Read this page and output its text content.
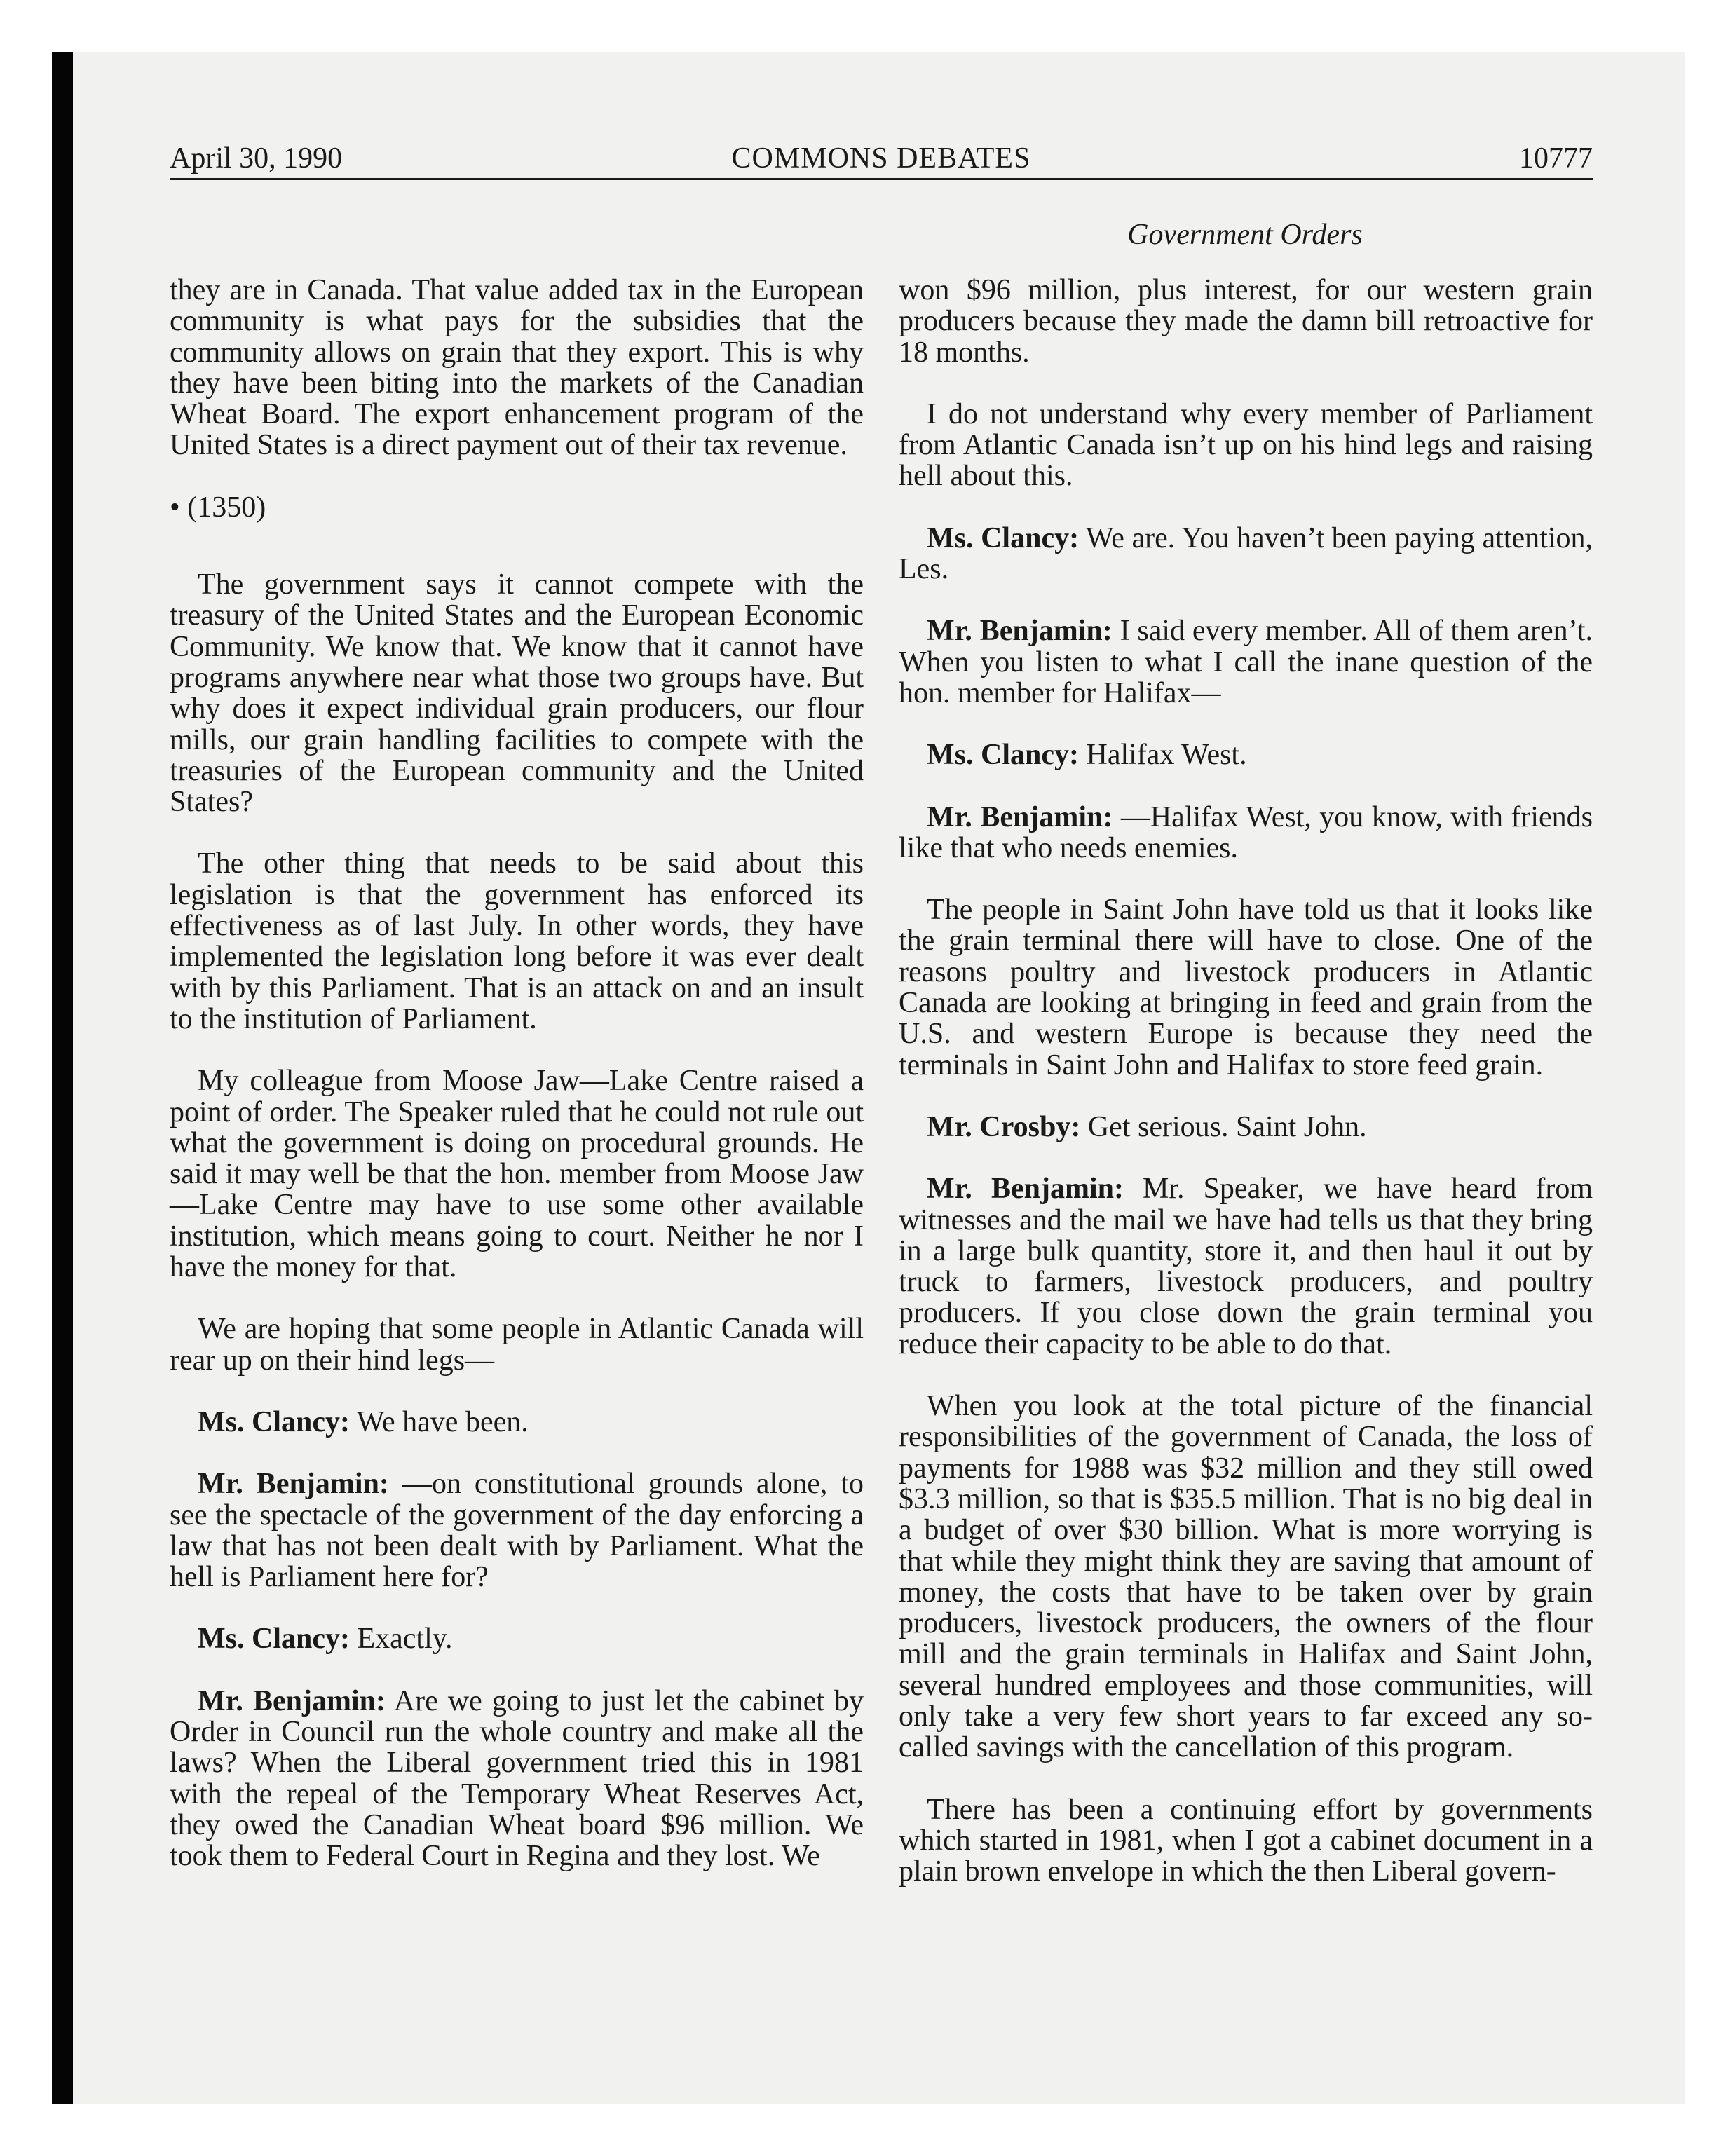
April 30, 1990	COMMONS DEBATES	10777
Government Orders

they are in Canada. That value added tax in the European community is what pays for the subsidies that the community allows on grain that they export. This is why they have been biting into the markets of the Canadian Wheat Board. The export enhancement program of the United States is a direct payment out of their tax revenue.

• (1350)

The government says it cannot compete with the treasury of the United States and the European Economic Community. We know that. We know that it cannot have programs anywhere near what those two groups have. But why does it expect individual grain producers, our flour mills, our grain handling facilities to compete with the treasuries of the European community and the United States?

The other thing that needs to be said about this legislation is that the government has enforced its effectiveness as of last July. In other words, they have implemented the legislation long before it was ever dealt with by this Parliament. That is an attack on and an insult to the institution of Parliament.

My colleague from Moose Jaw—Lake Centre raised a point of order. The Speaker ruled that he could not rule out what the government is doing on procedural grounds. He said it may well be that the hon. member from Moose Jaw—Lake Centre may have to use some other available institution, which means going to court. Neither he nor I have the money for that.

We are hoping that some people in Atlantic Canada will rear up on their hind legs—

Ms. Clancy: We have been.

Mr. Benjamin: —on constitutional grounds alone, to see the spectacle of the government of the day enforcing a law that has not been dealt with by Parliament. What the hell is Parliament here for?

Ms. Clancy: Exactly.

Mr. Benjamin: Are we going to just let the cabinet by Order in Council run the whole country and make all the laws? When the Liberal government tried this in 1981 with the repeal of the Temporary Wheat Reserves Act, they owed the Canadian Wheat board $96 million. We took them to Federal Court in Regina and they lost. We

won $96 million, plus interest, for our western grain producers because they made the damn bill retroactive for 18 months.

I do not understand why every member of Parliament from Atlantic Canada isn’t up on his hind legs and raising hell about this.

Ms. Clancy: We are. You haven’t been paying attention, Les.

Mr. Benjamin: I said every member. All of them aren’t. When you listen to what I call the inane question of the hon. member for Halifax—

Ms. Clancy: Halifax West.

Mr. Benjamin: —Halifax West, you know, with friends like that who needs enemies.

The people in Saint John have told us that it looks like the grain terminal there will have to close. One of the reasons poultry and livestock producers in Atlantic Canada are looking at bringing in feed and grain from the U.S. and western Europe is because they need the terminals in Saint John and Halifax to store feed grain.

Mr. Crosby: Get serious. Saint John.

Mr. Benjamin: Mr. Speaker, we have heard from witnesses and the mail we have had tells us that they bring in a large bulk quantity, store it, and then haul it out by truck to farmers, livestock producers, and poultry producers. If you close down the grain terminal you reduce their capacity to be able to do that.

When you look at the total picture of the financial responsibilities of the government of Canada, the loss of payments for 1988 was $32 million and they still owed $3.3 million, so that is $35.5 million. That is no big deal in a budget of over $30 billion. What is more worrying is that while they might think they are saving that amount of money, the costs that have to be taken over by grain producers, livestock producers, the owners of the flour mill and the grain terminals in Halifax and Saint John, several hundred employees and those communities, will only take a very few short years to far exceed any so-called savings with the cancellation of this program.

There has been a continuing effort by governments which started in 1981, when I got a cabinet document in a plain brown envelope in which the then Liberal govern-
